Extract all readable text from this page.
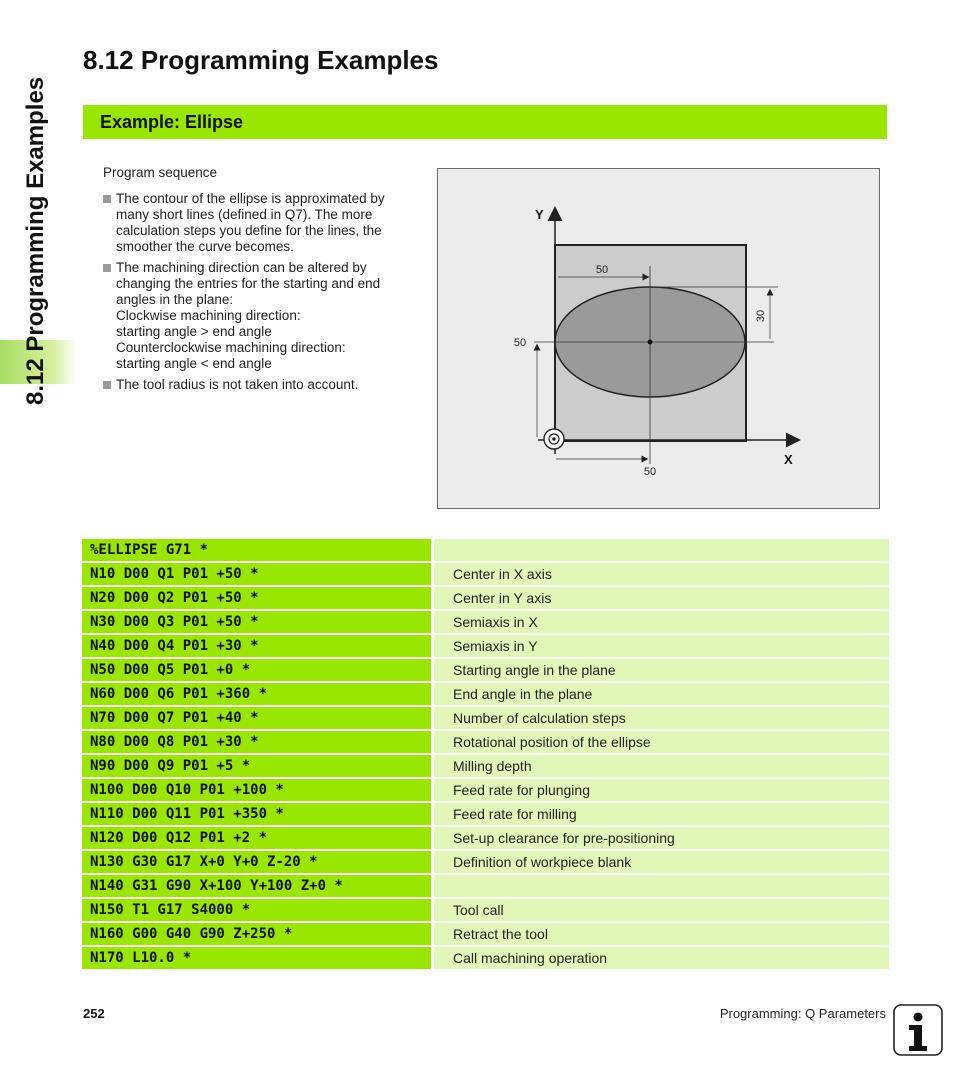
8.12 Programming Examples
8.12 Programming Examples
Example: Ellipse

Program sequence

The contour of the ellipse is approximated by many short lines (defined in Q7). The more calculation steps you define for the lines, the smoother the curve becomes.
The machining direction can be altered by changing the entries for the starting and end angles in the plane:
Clockwise machining direction:
starting angle > end angle
Counterclockwise machining direction:
starting angle < end angle
The tool radius is not taken into account.
50
50
30
50
Y
X
%ELLIPSE G71 *		
N10 D00 Q1 P01 +50 *		Center in X axis
N20 D00 Q2 P01 +50 *		Center in Y axis
N30 D00 Q3 P01 +50 *		Semiaxis in X
N40 D00 Q4 P01 +30 *		Semiaxis in Y
N50 D00 Q5 P01 +0 *		Starting angle in the plane
N60 D00 Q6 P01 +360 *		End angle in the plane
N70 D00 Q7 P01 +40 *		Number of calculation steps
N80 D00 Q8 P01 +30 *		Rotational position of the ellipse
N90 D00 Q9 P01 +5 *		Milling depth
N100 D00 Q10 P01 +100 *		Feed rate for plunging
N110 D00 Q11 P01 +350 *		Feed rate for milling
N120 D00 Q12 P01 +2 *		Set-up clearance for pre-positioning
N130 G30 G17 X+0 Y+0 Z-20 *		Definition of workpiece blank
N140 G31 G90 X+100 Y+100 Z+0 *		
N150 T1 G17 S4000 *		Tool call
N160 G00 G40 G90 Z+250 *		Retract the tool
N170 L10.0 *		Call machining operation
252	Programming: Q Parameters
